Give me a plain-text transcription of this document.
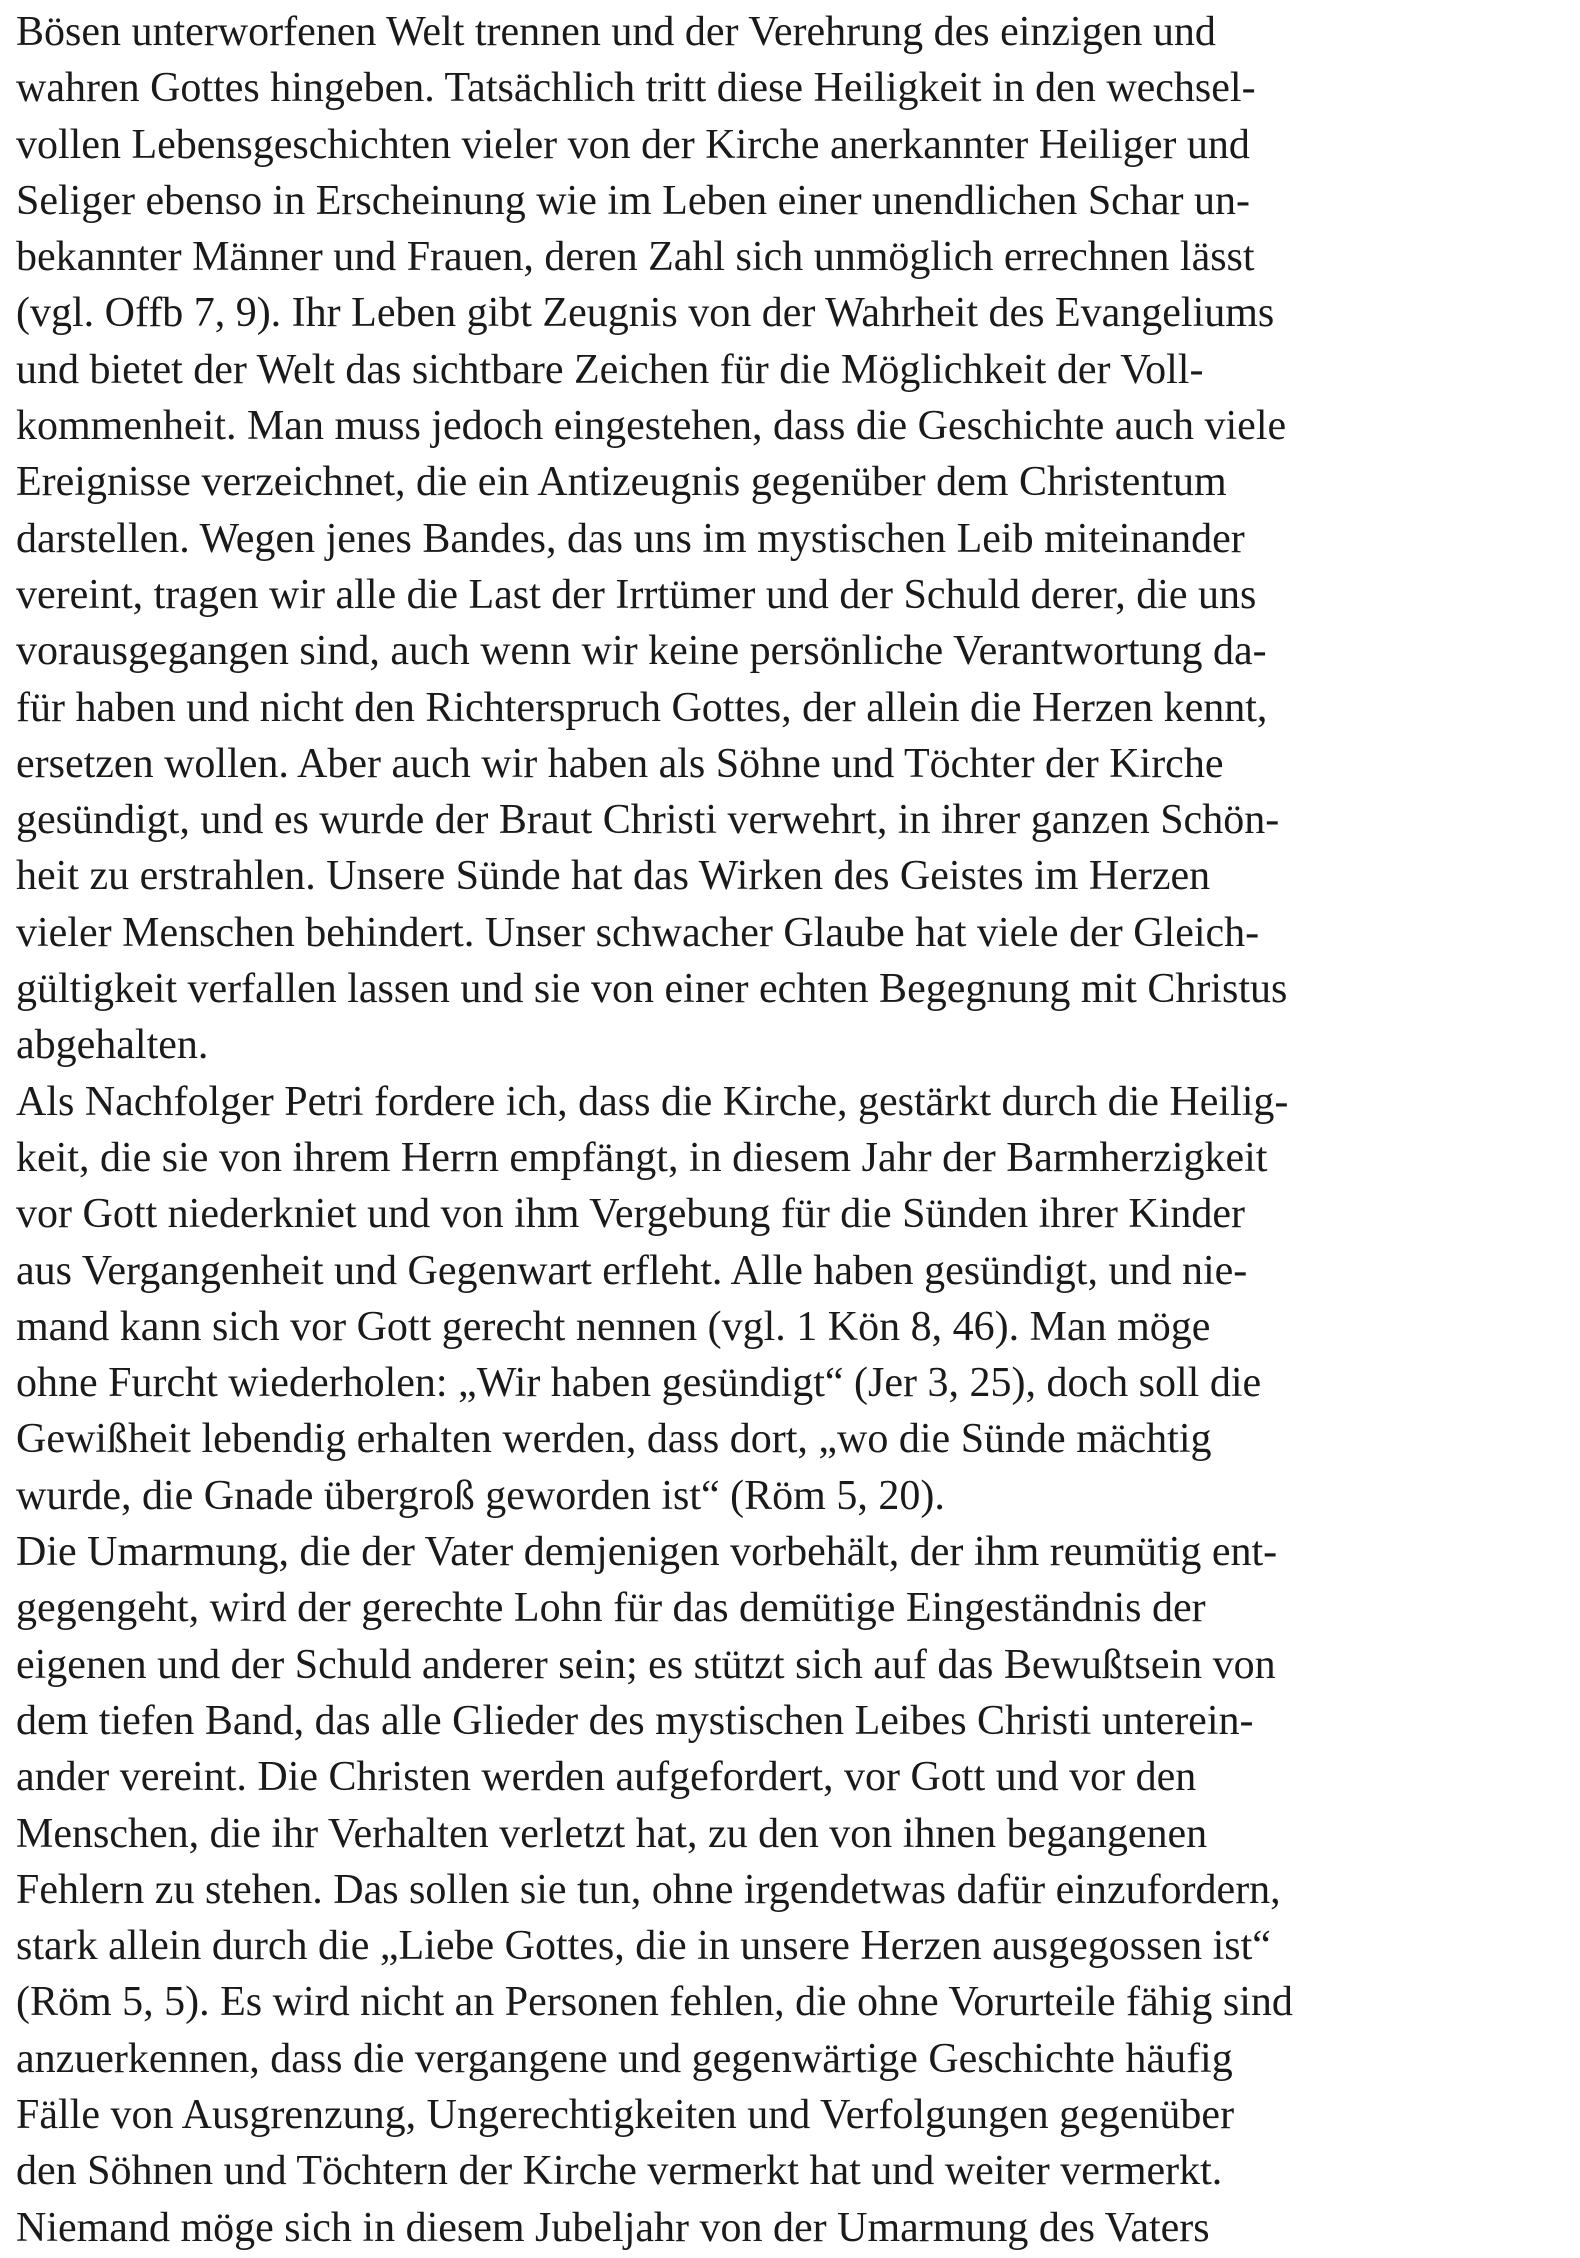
Bösen unterworfenen Welt trennen und der Verehrung des einzigen und
wahren Gottes hingeben. Tatsächlich tritt diese Heiligkeit in den wechsel-
vollen Lebensgeschichten vieler von der Kirche anerkannter Heiliger und
Seliger ebenso in Erscheinung wie im Leben einer unendlichen Schar un-
bekannter Männer und Frauen, deren Zahl sich unmöglich errechnen lässt
(vgl. Offb 7, 9). Ihr Leben gibt Zeugnis von der Wahrheit des Evangeliums
und bietet der Welt das sichtbare Zeichen für die Möglichkeit der Voll-
kommenheit. Man muss jedoch eingestehen, dass die Geschichte auch viele
Ereignisse verzeichnet, die ein Antizeugnis gegenüber dem Christentum
darstellen. Wegen jenes Bandes, das uns im mystischen Leib miteinander
vereint, tragen wir alle die Last der Irrtümer und der Schuld derer, die uns
vorausgegangen sind, auch wenn wir keine persönliche Verantwortung da-
für haben und nicht den Richterspruch Gottes, der allein die Herzen kennt,
ersetzen wollen. Aber auch wir haben als Söhne und Töchter der Kirche
gesündigt, und es wurde der Braut Christi verwehrt, in ihrer ganzen Schön-
heit zu erstrahlen. Unsere Sünde hat das Wirken des Geistes im Herzen
vieler Menschen behindert. Unser schwacher Glaube hat viele der Gleich-
gültigkeit verfallen lassen und sie von einer echten Begegnung mit Christus
abgehalten.
Als Nachfolger Petri fordere ich, dass die Kirche, gestärkt durch die Heilig-
keit, die sie von ihrem Herrn empfängt, in diesem Jahr der Barmherzigkeit
vor Gott niederkniet und von ihm Vergebung für die Sünden ihrer Kinder
aus Vergangenheit und Gegenwart erfleht. Alle haben gesündigt, und nie-
mand kann sich vor Gott gerecht nennen (vgl. 1 Kön 8, 46). Man möge
ohne Furcht wiederholen: „Wir haben gesündigt“ (Jer 3, 25), doch soll die
Gewißheit lebendig erhalten werden, dass dort, „wo die Sünde mächtig
wurde, die Gnade übergroß geworden ist“ (Röm 5, 20).
Die Umarmung, die der Vater demjenigen vorbehält, der ihm reumütig ent-
gegengeht, wird der gerechte Lohn für das demütige Eingeständnis der
eigenen und der Schuld anderer sein; es stützt sich auf das Bewußtsein von
dem tiefen Band, das alle Glieder des mystischen Leibes Christi unterein-
ander vereint. Die Christen werden aufgefordert, vor Gott und vor den
Menschen, die ihr Verhalten verletzt hat, zu den von ihnen begangenen
Fehlern zu stehen. Das sollen sie tun, ohne irgendetwas dafür einzufordern,
stark allein durch die „Liebe Gottes, die in unsere Herzen ausgegossen ist“
(Röm 5, 5). Es wird nicht an Personen fehlen, die ohne Vorurteile fähig sind
anzuerkennen, dass die vergangene und gegenwärtige Geschichte häufig
Fälle von Ausgrenzung, Ungerechtigkeiten und Verfolgungen gegenüber
den Söhnen und Töchtern der Kirche vermerkt hat und weiter vermerkt.
Niemand möge sich in diesem Jubeljahr von der Umarmung des Vaters
